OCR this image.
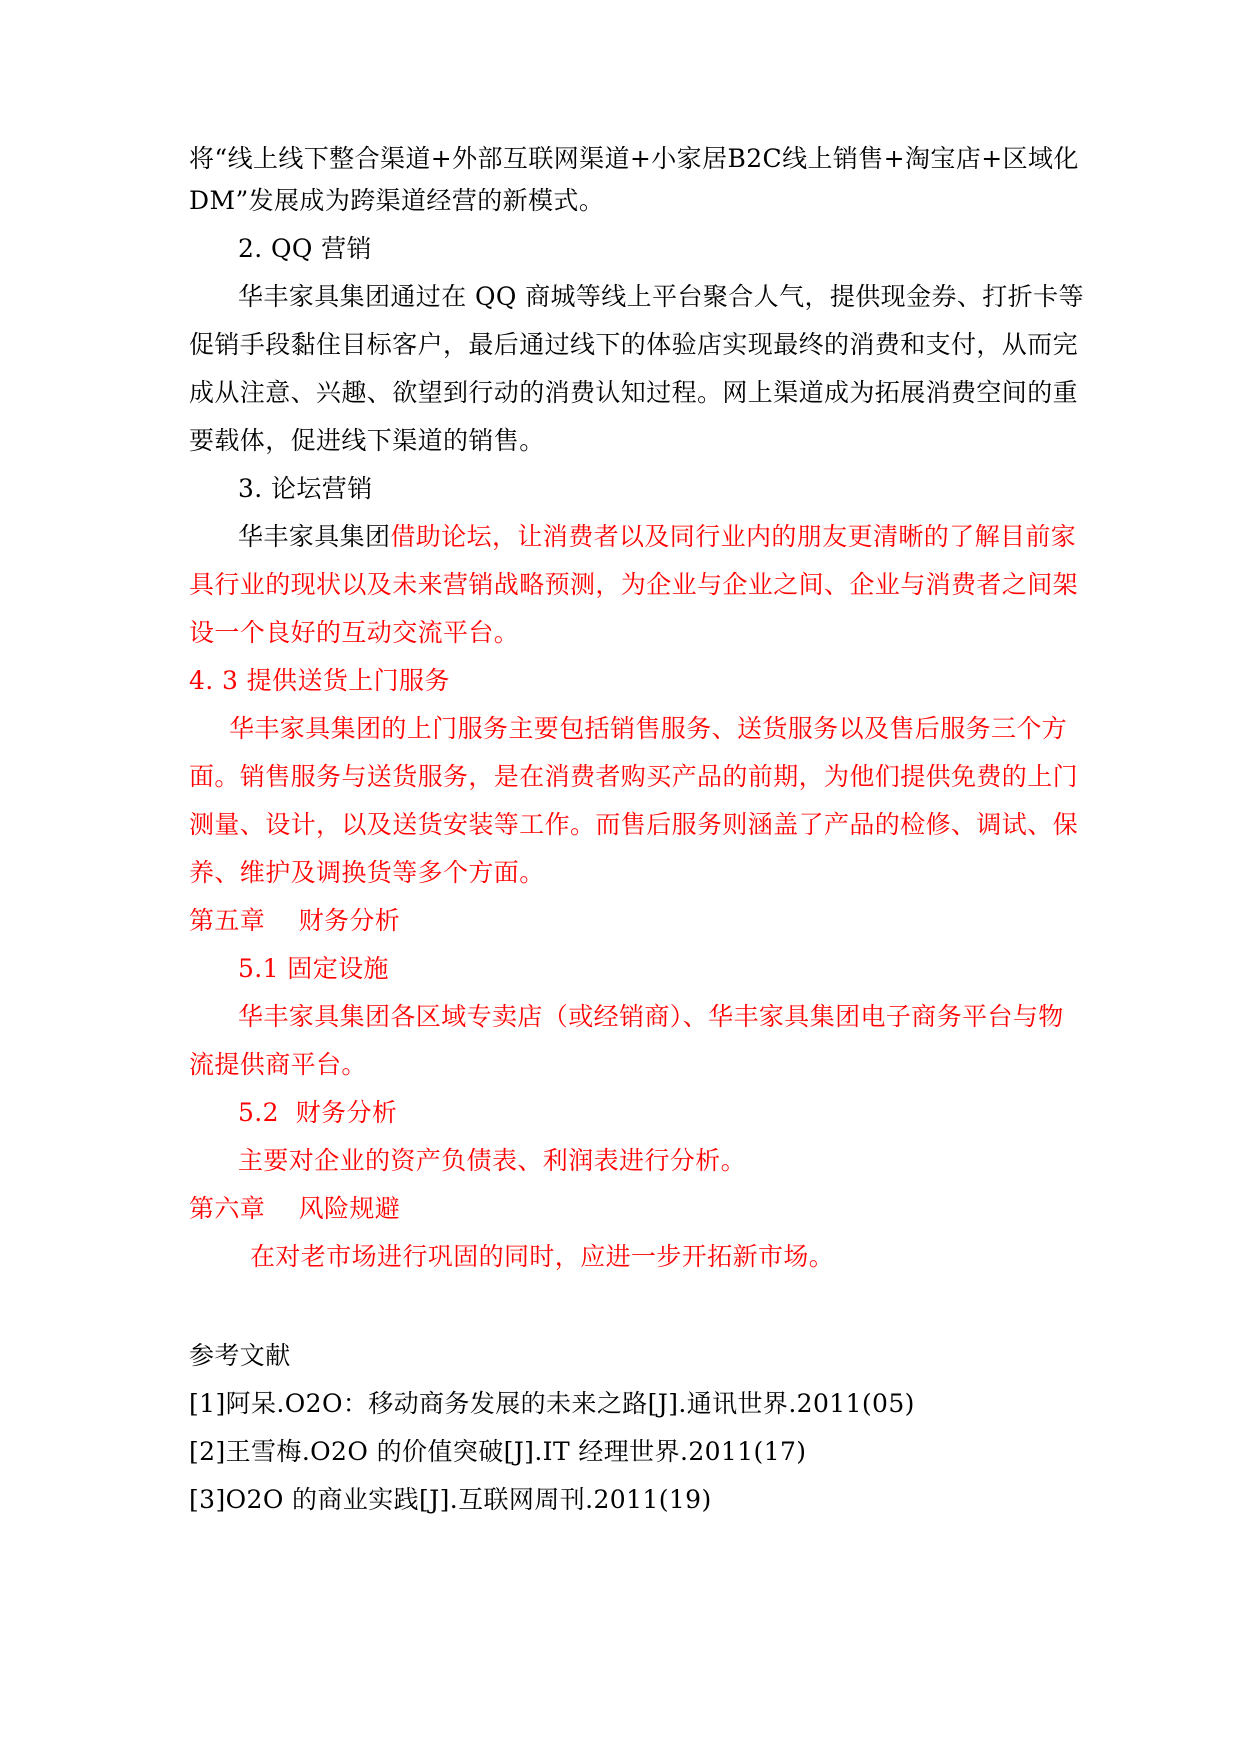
将“线上线下整合渠道+外部互联网渠道+小家居B2C线上销售+淘宝店+区域化
DM”发展成为跨渠道经营的新模式。
2. QQ 营销
华丰家具集团通过在 QQ 商城等线上平台聚合人气，提供现金券、打折卡等
促销手段黏住目标客户，最后通过线下的体验店实现最终的消费和支付，从而完
成从注意、兴趣、欲望到行动的消费认知过程。网上渠道成为拓展消费空间的重
要载体，促进线下渠道的销售。
3. 论坛营销
华丰家具集团借助论坛，让消费者以及同行业内的朋友更清晰的了解目前家
具行业的现状以及未来营销战略预测，为企业与企业之间、企业与消费者之间架
设一个良好的互动交流平台。
4. 3 提供送货上门服务
华丰家具集团的上门服务主要包括销售服务、送货服务以及售后服务三个方
面。销售服务与送货服务，是在消费者购买产品的前期，为他们提供免费的上门
测量、设计，以及送货安装等工作。而售后服务则涵盖了产品的检修、调试、保
养、维护及调换货等多个方面。
第五章    财务分析
5.1 固定设施
华丰家具集团各区域专卖店（或经销商）、华丰家具集团电子商务平台与物
流提供商平台。
5.2  财务分析
主要对企业的资产负债表、利润表进行分析。
第六章    风险规避
在对老市场进行巩固的同时，应进一步开拓新市场。
参考文献
[1]阿呆.O2O：移动商务发展的未来之路[J].通讯世界.2011(05)
[2]王雪梅.O2O 的价值突破[J].IT 经理世界.2011(17)
[3]O2O 的商业实践[J].互联网周刊.2011(19)
